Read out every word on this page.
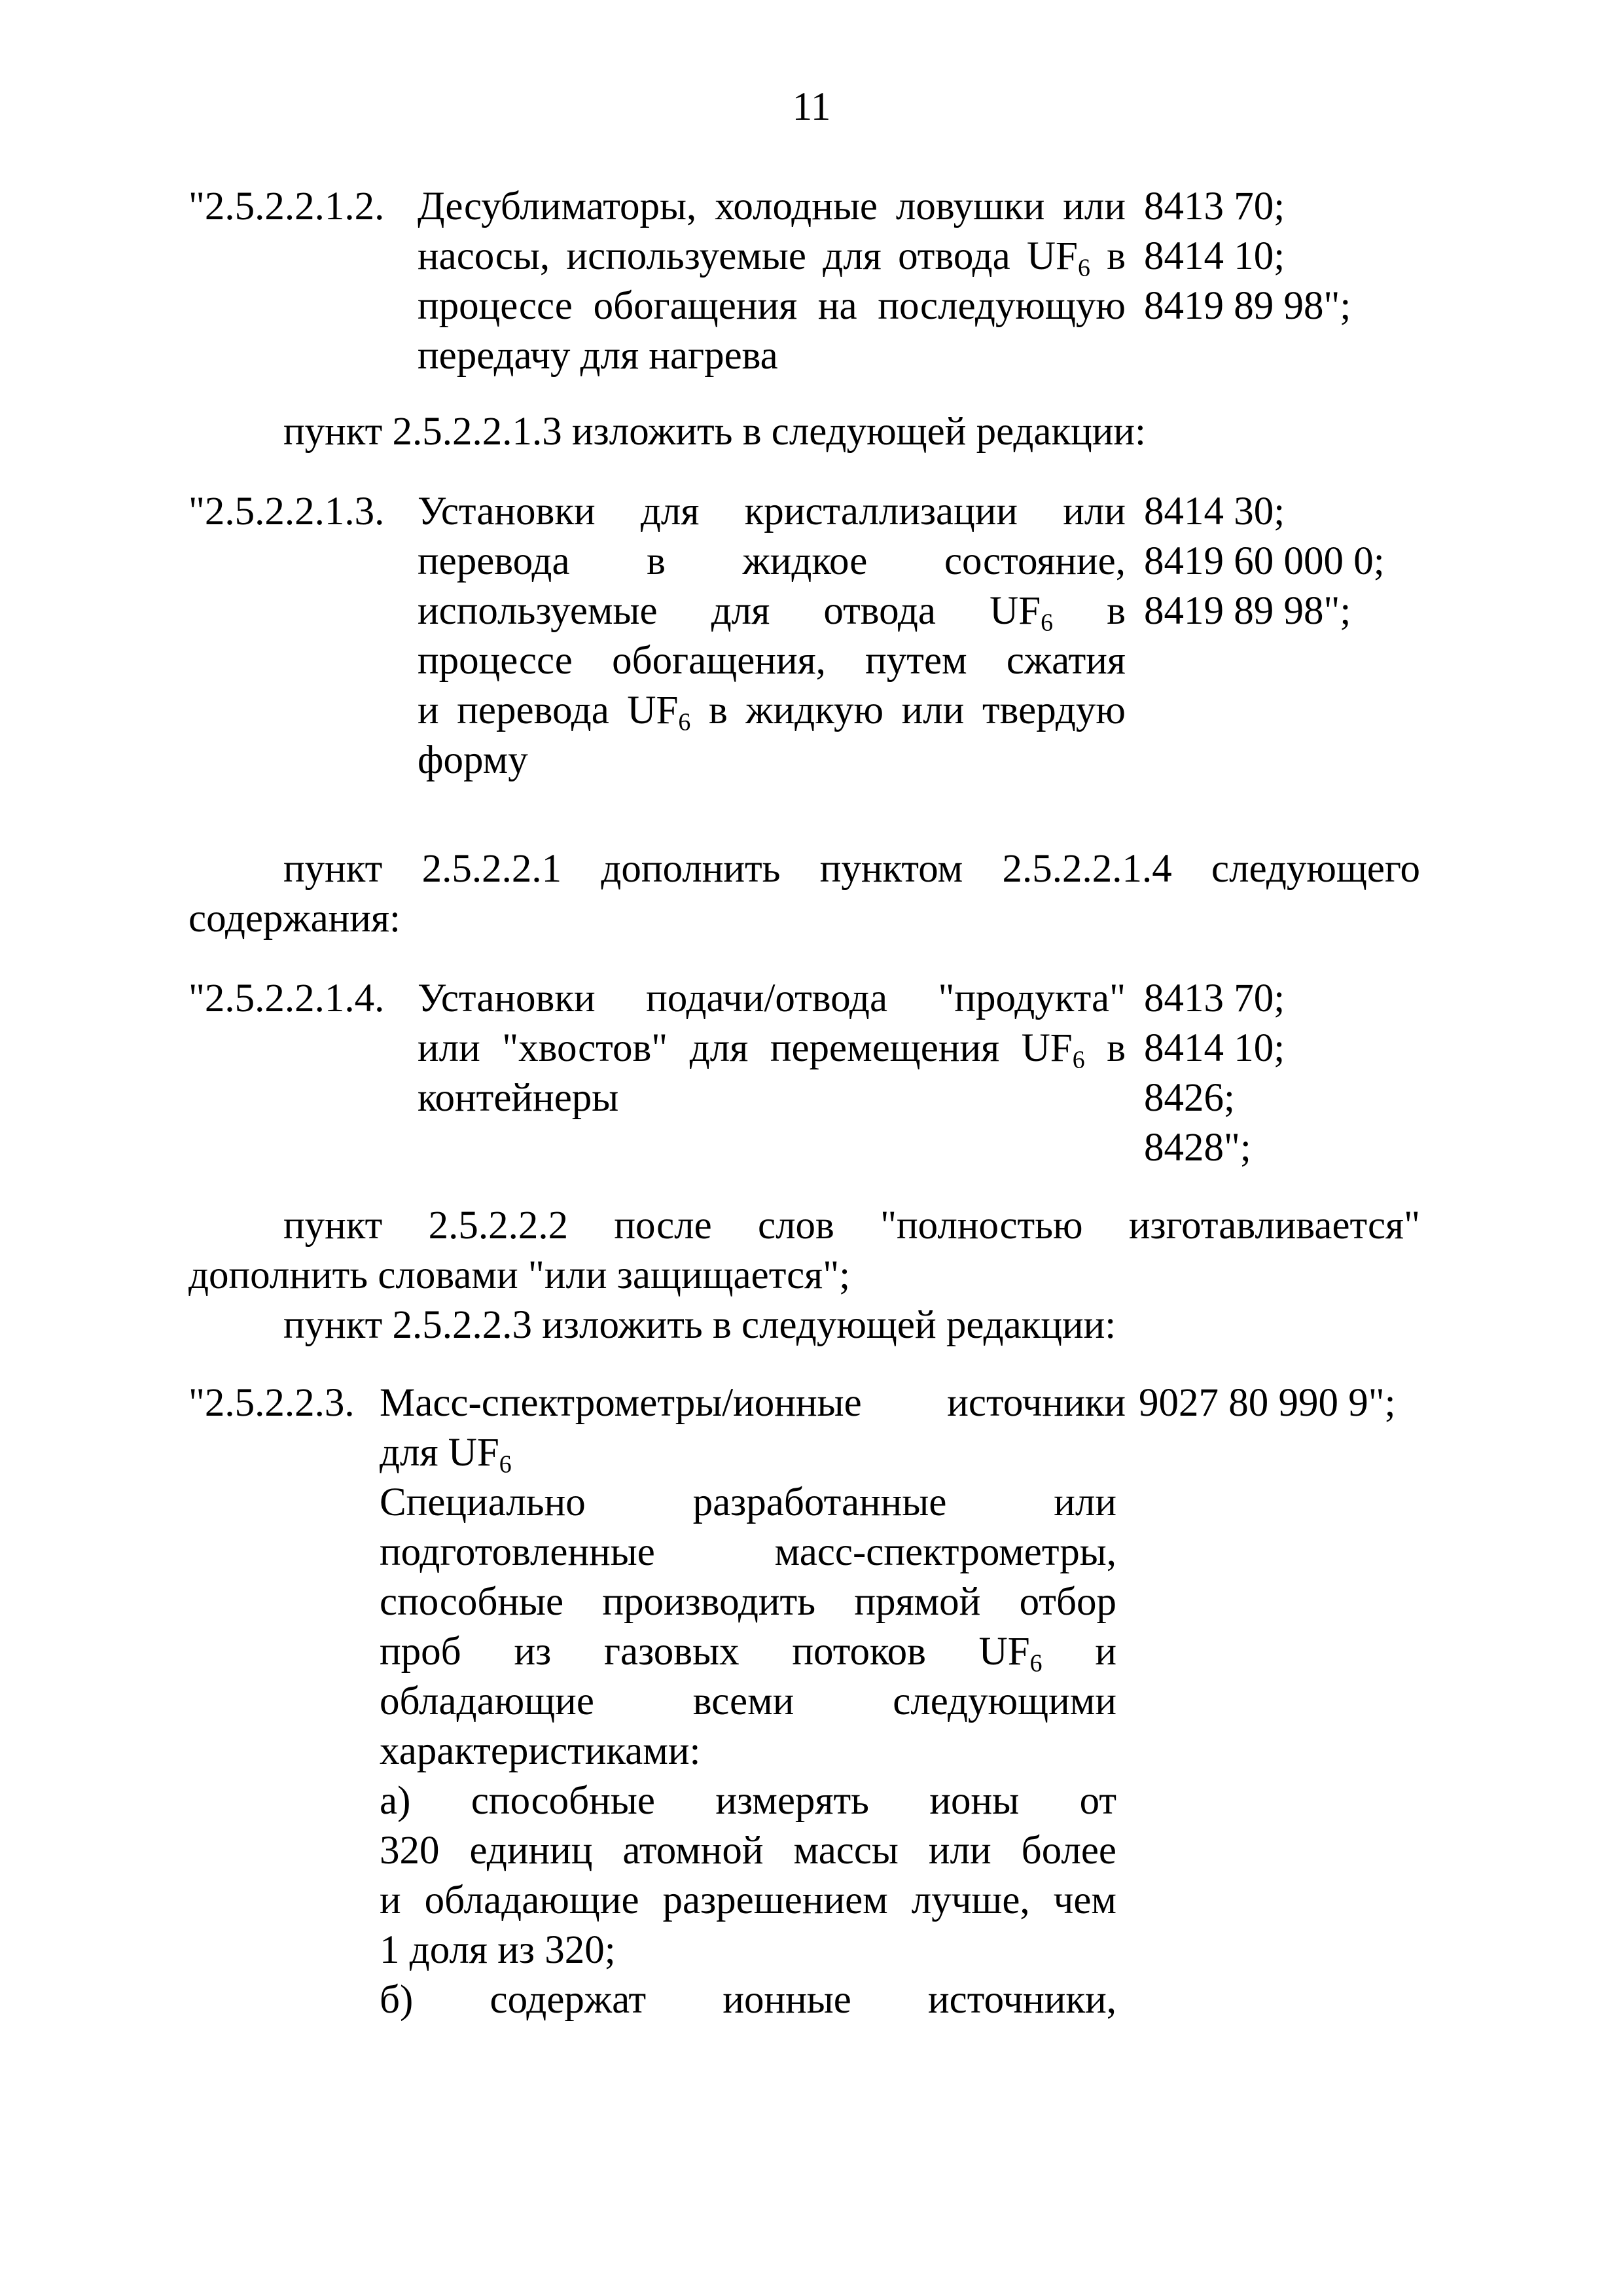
11
"2.5.2.2.1.2. Десублиматоры, холодные ловушки или
насосы, используемые для отвода $UF_6$ в
процессе обогащения на последующую
передачу для нагрева
8413 70;
8414 10;
8419 89 98";
пункт 2.5.2.2.1.3 изложить в следующей редакции:
"2.5.2.2.1.3. Установки для кристаллизации или
перевода в жидкое состояние,
используемые для отвода $UF_6$ в
процессе обогащения, путем сжатия
и перевода $UF_6$ в жидкую или твердую
форму
8414 30;
8419 60 000 0;
8419 89 98";
пункт 2.5.2.2.1 дополнить пунктом 2.5.2.2.1.4 следующего
содержания:
"2.5.2.2.1.4. Установки подачи/отвода "продукта"
или "хвостов" для перемещения $UF_6$ в
контейнеры
8413 70;
8414 10;
8426;
8428";
пункт 2.5.2.2.2 после слов "полностью изготавливается"
дополнить словами "или защищается";
пункт 2.5.2.2.3 изложить в следующей редакции:
"2.5.2.2.3. Масс-спектрометры/ионные источники
для $UF_6$
9027 80 990 9";
Специально разработанные или
подготовленные масс-спектрометры,
способные производить прямой отбор
проб из газовых потоков $UF_6$ и
обладающие всеми следующими
характеристиками:
а) способные измерять ионы от
320 единиц атомной массы или более
и обладающие разрешением лучше, чем
1 доля из 320;
б) содержат ионные источники,
